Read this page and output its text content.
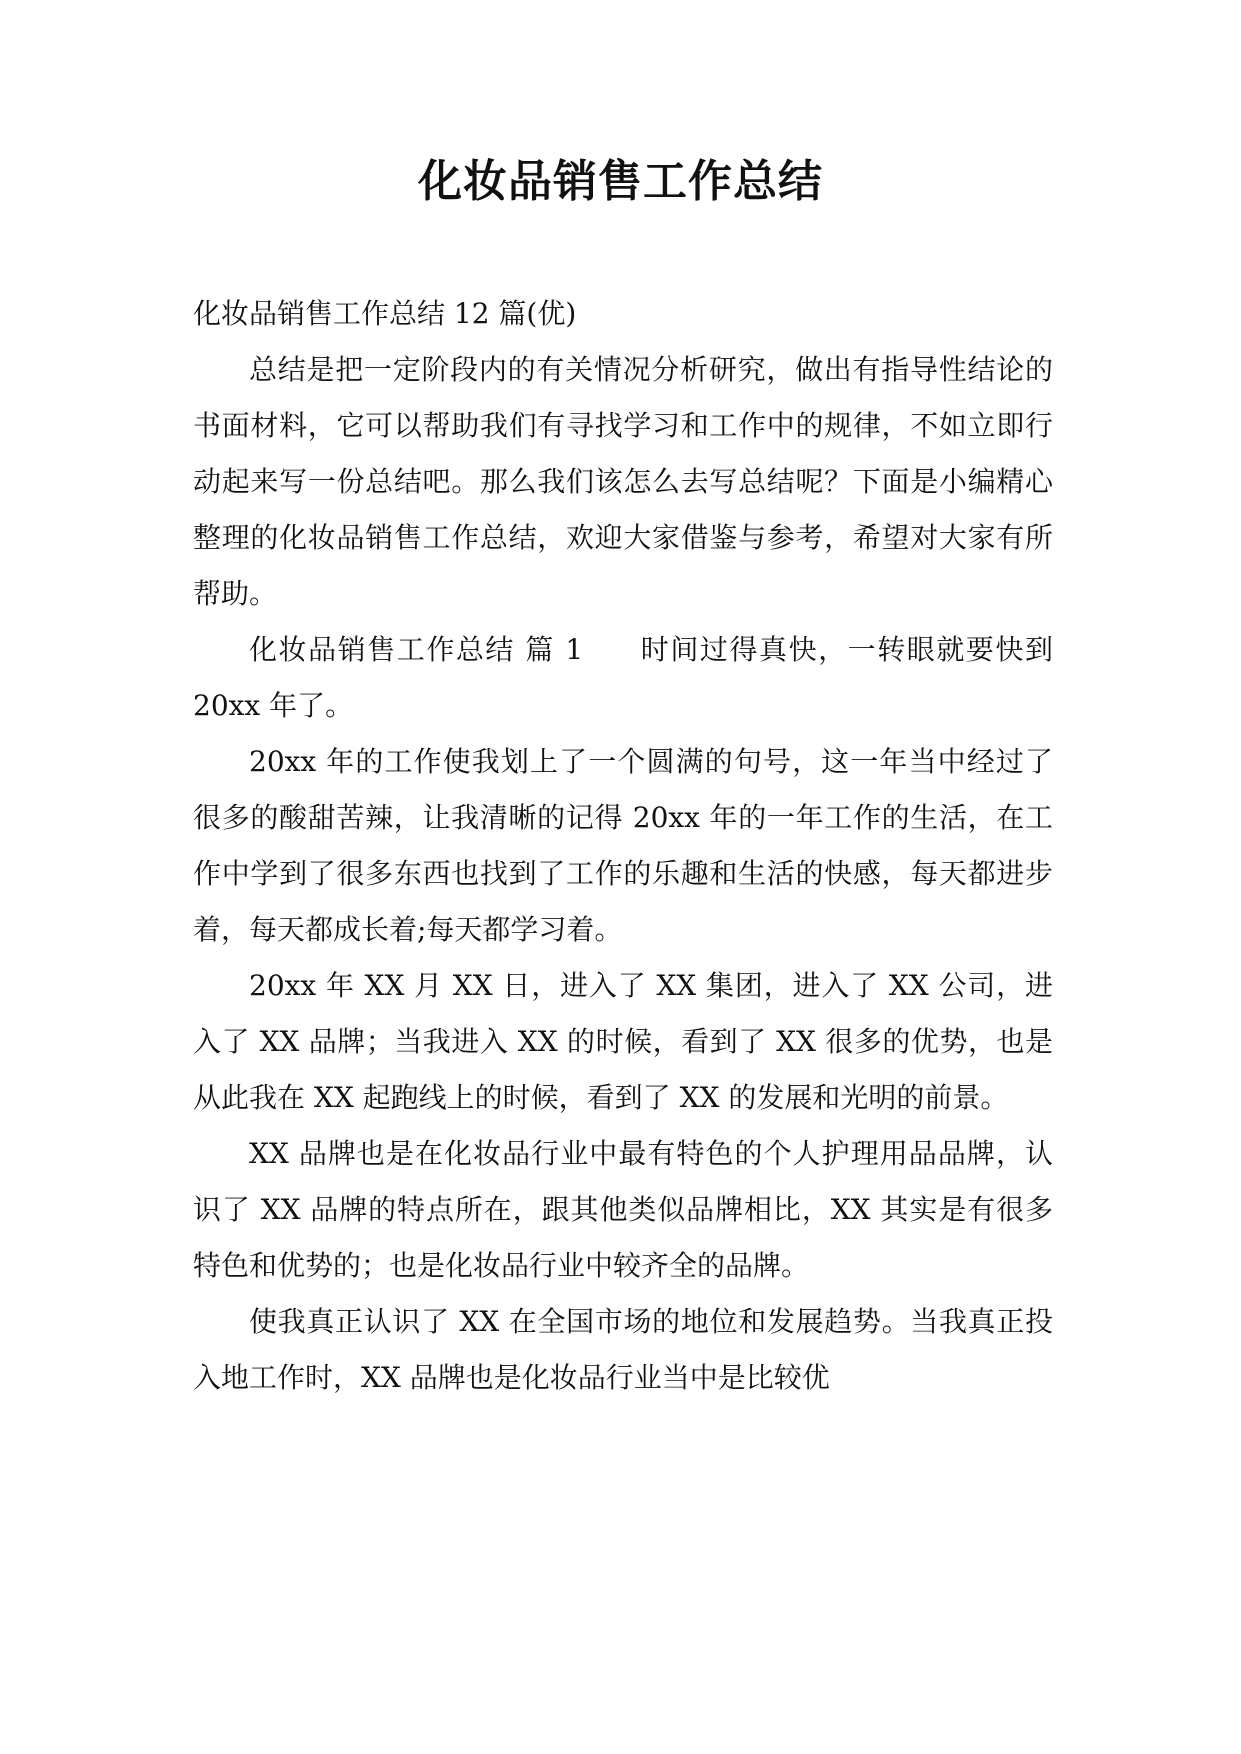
化妆品销售工作总结

化妆品销售工作总结 12 篇(优)

总结是把一定阶段内的有关情况分析研究，做出有指导性结论的书面材料，它可以帮助我们有寻找学习和工作中的规律，不如立即行动起来写一份总结吧。那么我们该怎么去写总结呢？下面是小编精心整理的化妆品销售工作总结，欢迎大家借鉴与参考，希望对大家有所帮助。

化妆品销售工作总结 篇 1 时间过得真快，一转眼就要快到 20xx 年了。

20xx 年的工作使我划上了一个圆满的句号，这一年当中经过了很多的酸甜苦辣，让我清晰的记得 20xx 年的一年工作的生活，在工作中学到了很多东西也找到了工作的乐趣和生活的快感，每天都进步着，每天都成长着;每天都学习着。

20xx 年 XX 月 XX 日，进入了 XX 集团，进入了 XX 公司，进入了 XX 品牌；当我进入 XX 的时候，看到了 XX 很多的优势，也是从此我在 XX 起跑线上的时候，看到了 XX 的发展和光明的前景。

XX 品牌也是在化妆品行业中最有特色的个人护理用品品牌，认识了 XX 品牌的特点所在，跟其他类似品牌相比，XX 其实是有很多特色和优势的；也是化妆品行业中较齐全的品牌。

使我真正认识了 XX 在全国市场的地位和发展趋势。当我真正投入地工作时，XX 品牌也是化妆品行业当中是比较优
